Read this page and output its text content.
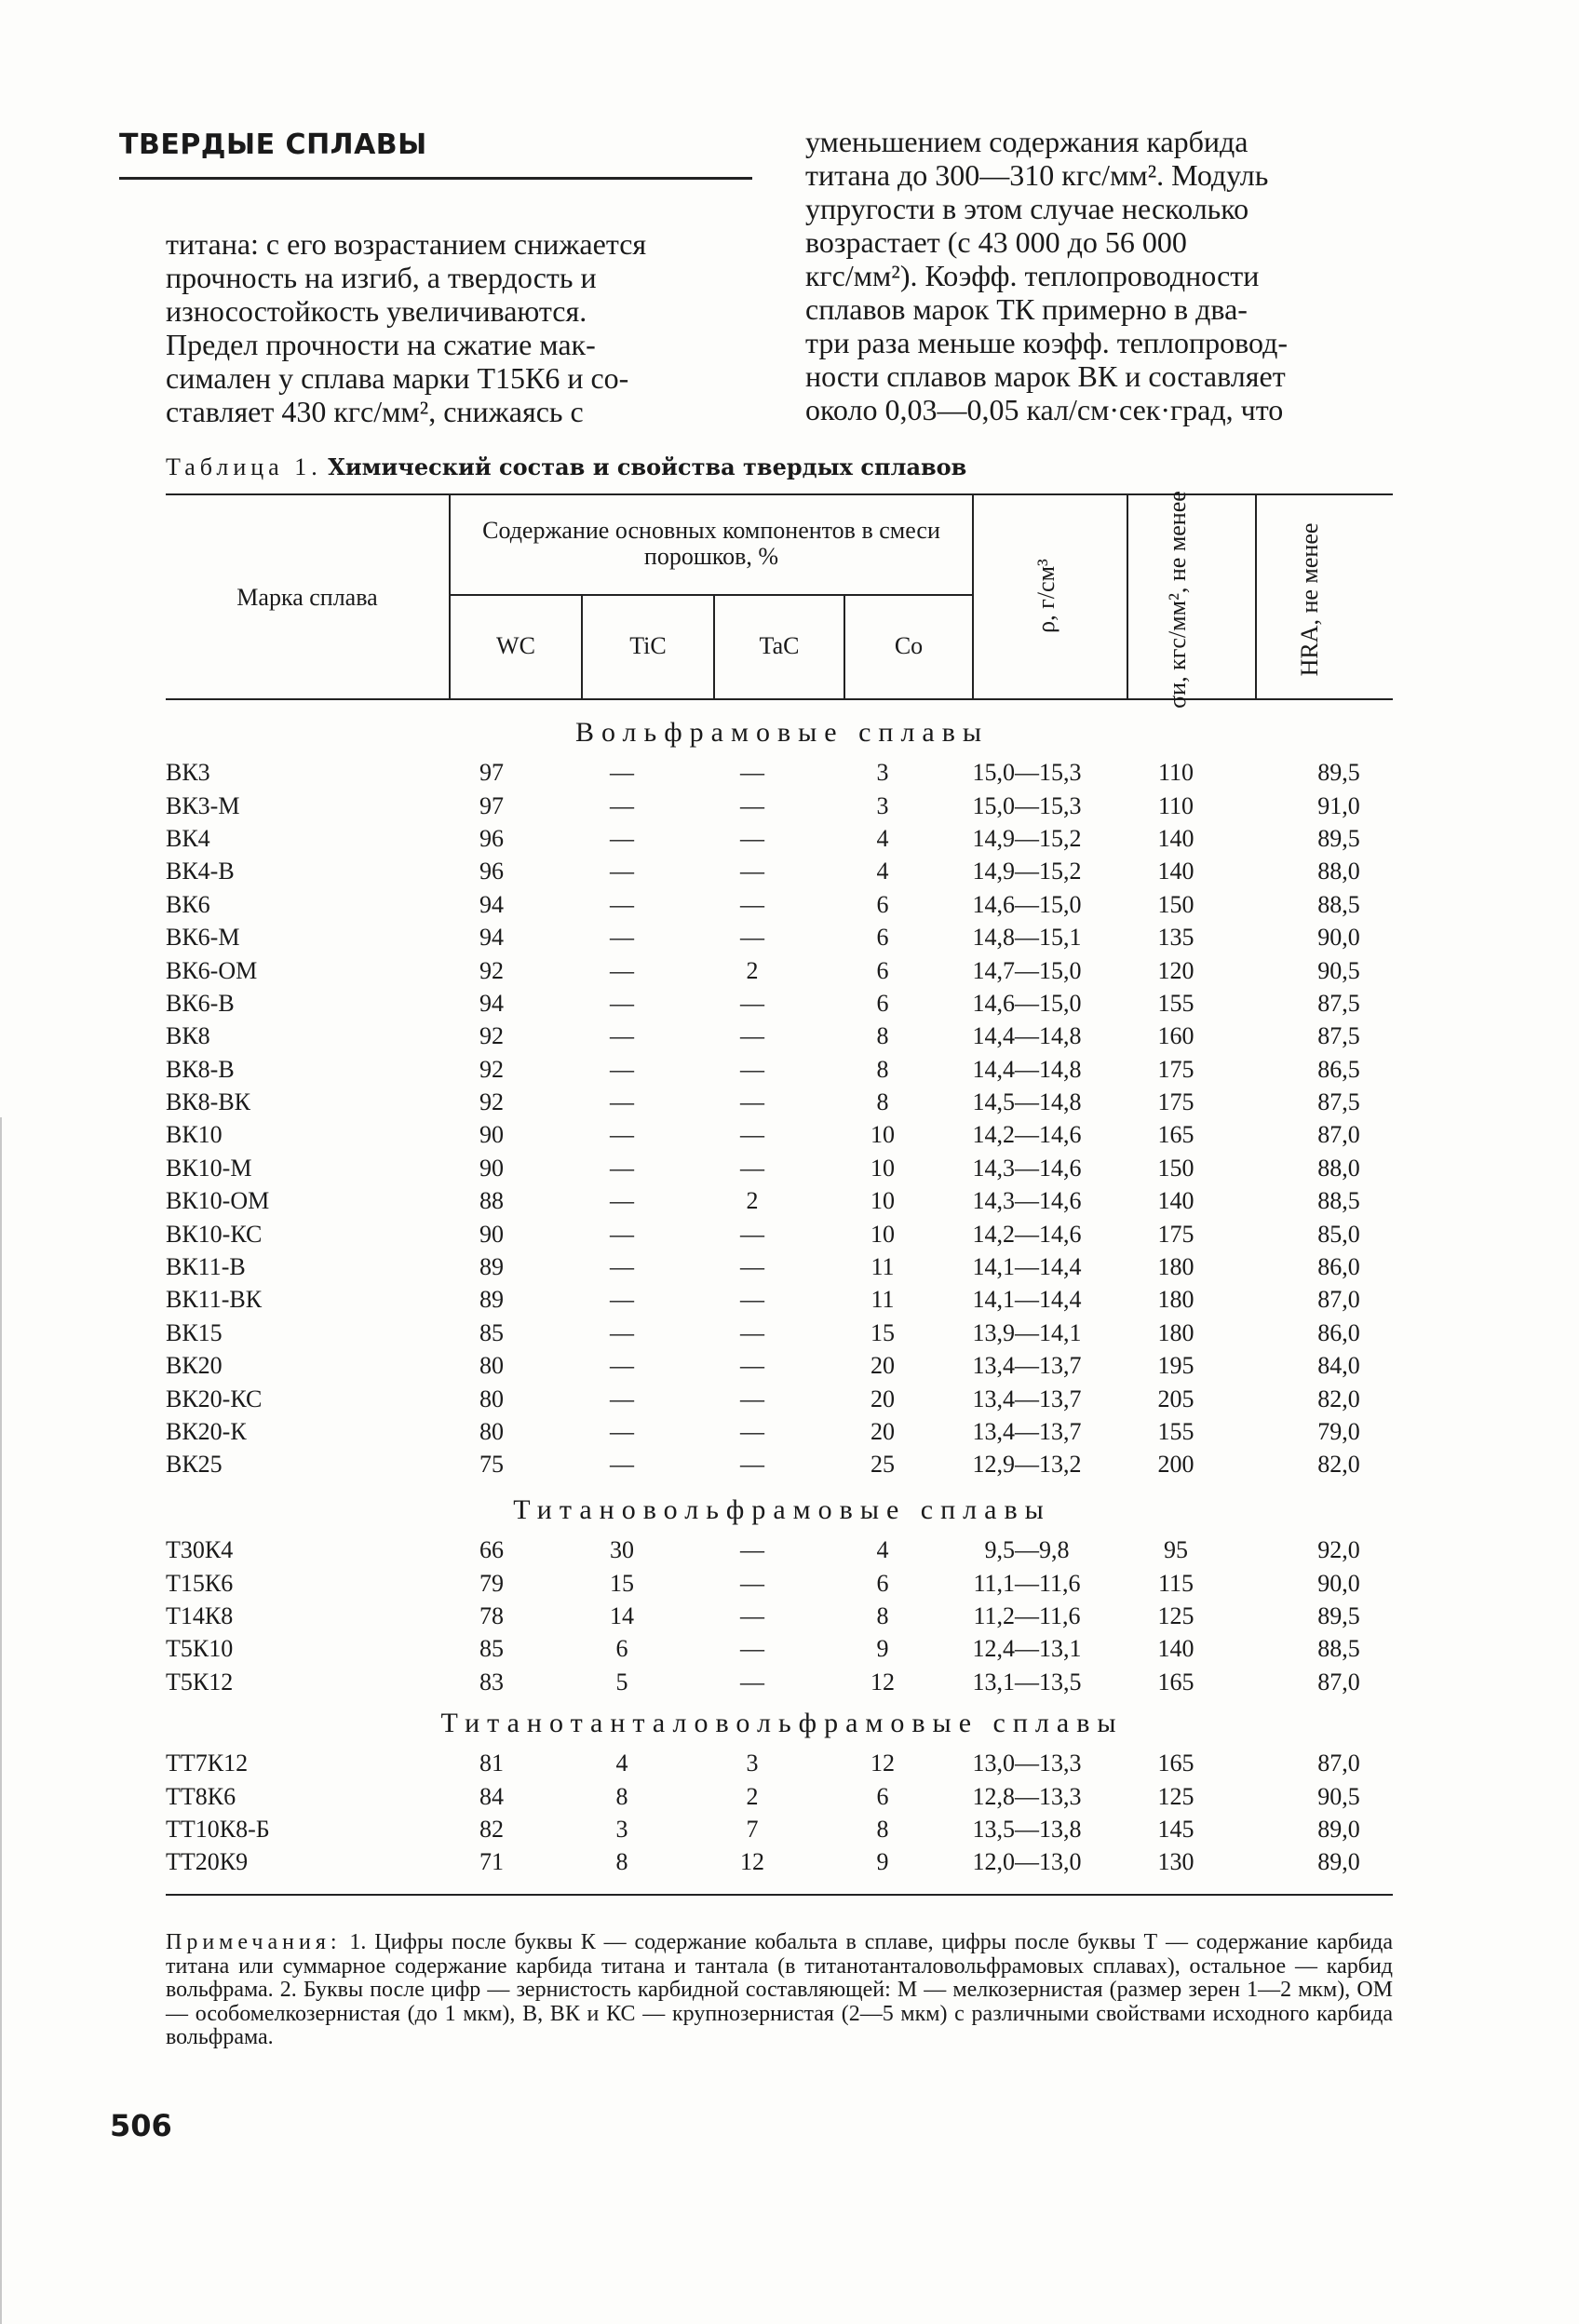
ТВЕРДЫЕ СПЛАВЫ

титана: с его возрастанием снижается

прочность на изгиб, а твердость и

износостойкость увеличиваются.

Предел прочности на сжатие мак-

симален у сплава марки Т15К6 и со-

ставляет 430 кгс/мм², снижаясь с

уменьшением содержания карбида

титана до 300—310 кгс/мм². Модуль

упругости в этом случае несколько

возрастает (с 43 000 до 56 000

кгс/мм²). Коэфф. теплопроводности

сплавов марок ТК примерно в два-

три раза меньше коэфф. теплопровод-

ности сплавов марок ВК и составляет

около 0,03—0,05 кал/см·сек·град, что

Таблица 1. Химический состав и свойства твердых сплавов
Марка сплава
Содержание основных компонентов в смеси порошков, %
WC	TiC	TaC	Co
ρ, г/см³	σи, кгс/мм², не менее	HRA, не менее
Вольфрамовые сплавы
ВК3	97	—	—	3	15,0—15,3	110	89,5
ВК3-М	97	—	—	3	15,0—15,3	110	91,0
ВК4	96	—	—	4	14,9—15,2	140	89,5
ВК4-В	96	—	—	4	14,9—15,2	140	88,0
ВК6	94	—	—	6	14,6—15,0	150	88,5
ВК6-М	94	—	—	6	14,8—15,1	135	90,0
ВК6-ОМ	92	—	2	6	14,7—15,0	120	90,5
ВК6-В	94	—	—	6	14,6—15,0	155	87,5
ВК8	92	—	—	8	14,4—14,8	160	87,5
ВК8-В	92	—	—	8	14,4—14,8	175	86,5
ВК8-ВК	92	—	—	8	14,5—14,8	175	87,5
ВК10	90	—	—	10	14,2—14,6	165	87,0
ВК10-М	90	—	—	10	14,3—14,6	150	88,0
ВК10-ОМ	88	—	2	10	14,3—14,6	140	88,5
ВК10-КС	90	—	—	10	14,2—14,6	175	85,0
ВК11-В	89	—	—	11	14,1—14,4	180	86,0
ВК11-ВК	89	—	—	11	14,1—14,4	180	87,0
ВК15	85	—	—	15	13,9—14,1	180	86,0
ВК20	80	—	—	20	13,4—13,7	195	84,0
ВК20-КС	80	—	—	20	13,4—13,7	205	82,0
ВК20-К	80	—	—	20	13,4—13,7	155	79,0
ВК25	75	—	—	25	12,9—13,2	200	82,0
Титановольфрамовые сплавы
Т30К4	66	30	—	4	9,5—9,8	95	92,0
Т15К6	79	15	—	6	11,1—11,6	115	90,0
Т14К8	78	14	—	8	11,2—11,6	125	89,5
Т5К10	85	6	—	9	12,4—13,1	140	88,5
Т5К12	83	5	—	12	13,1—13,5	165	87,0
Титанотанталовольфрамовые сплавы
ТТ7К12	81	4	3	12	13,0—13,3	165	87,0
ТТ8К6	84	8	2	6	12,8—13,3	125	90,5
ТТ10К8-Б	82	3	7	8	13,5—13,8	145	89,0
ТТ20К9	71	8	12	9	12,0—13,0	130	89,0
Примечания: 1. Цифры после буквы К — содержание кобальта в сплаве, цифры после буквы Т — содержание карбида титана или суммарное содержание карбида титана и тантала (в титанотанталовольфрамовых сплавах), остальное — карбид вольфрама. 2. Буквы после цифр — зернистость карбидной составляющей: М — мелкозернистая (размер зерен 1—2 мкм), ОМ — особомелкозернистая (до 1 мкм), В, ВК и КС — крупнозернистая (2—5 мкм) с различными свойствами исходного карбида вольфрама.
506
